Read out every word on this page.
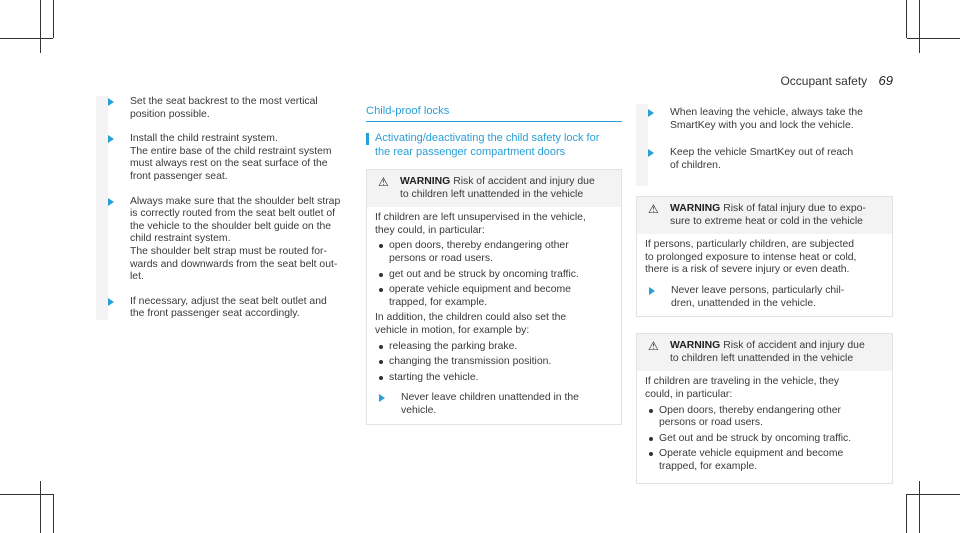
Occupant safety 69

Set the seat backrest to the most vertical

position possible.

Install the child restraint system.

The entire base of the child restraint system

must always rest on the seat surface of the

front passenger seat.

Always make sure that the shoulder belt strap

is correctly routed from the seat belt outlet of

the vehicle to the shoulder belt guide on the

child restraint system.

The shoulder belt strap must be routed for-

wards and downwards from the seat belt out-

let.

If necessary, adjust the seat belt outlet and

the front passenger seat accordingly.

Child-proof locks
Activating/deactivating the child safety lock for
the rear passenger compartment doors
⚠ WARNING Risk of accident and injury due
to children left unattended in the vehicle

If children are left unsupervised in the vehicle,

they could, in particular:

open doors, thereby endangering other
persons or road users.
get out and be struck by oncoming traffic.
operate vehicle equipment and become
trapped, for example.

In addition, the children could also set the

vehicle in motion, for example by:

releasing the parking brake.
changing the transmission position.
starting the vehicle.

Never leave children unattended in the

vehicle.

When leaving the vehicle, always take the

SmartKey with you and lock the vehicle.

Keep the vehicle SmartKey out of reach

of children.

⚠ WARNING Risk of fatal injury due to expo-
sure to extreme heat or cold in the vehicle

If persons, particularly children, are subjected

to prolonged exposure to intense heat or cold,

there is a risk of severe injury or even death.

Never leave persons, particularly chil-

dren, unattended in the vehicle.

⚠ WARNING Risk of accident and injury due
to children left unattended in the vehicle

If children are traveling in the vehicle, they

could, in particular:

Open doors, thereby endangering other
persons or road users.
Get out and be struck by oncoming traffic.
Operate vehicle equipment and become
trapped, for example.
